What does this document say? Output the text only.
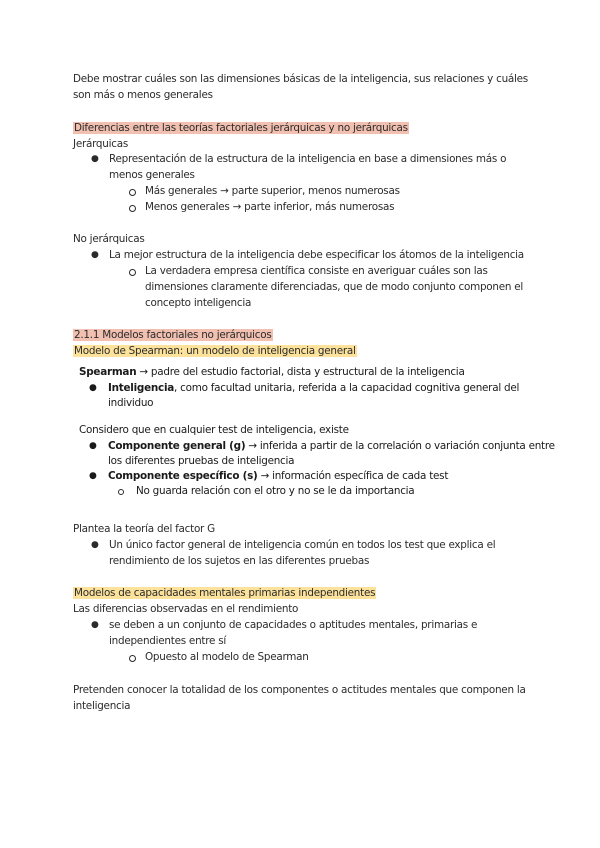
Debe mostrar cuáles son las dimensiones básicas de la inteligencia, sus relaciones y cuáles
son más o menos generales
Diferencias entre las teorías factoriales jerárquicas y no jerárquicas
Jerárquicas
● Representación de la estructura de la inteligencia en base a dimensiones más o
menos generales
Más generales → parte superior, menos numerosas
Menos generales → parte inferior, más numerosas
No jerárquicas
● La mejor estructura de la inteligencia debe especificar los átomos de la inteligencia
La verdadera empresa científica consiste en averiguar cuáles son las
dimensiones claramente diferenciadas, que de modo conjunto componen el
concepto inteligencia
2.1.1 Modelos factoriales no jerárquicos
Modelo de Spearman: un modelo de inteligencia general
Spearman → padre del estudio factorial, dista y estructural de la inteligencia
● Inteligencia, como facultad unitaria, referida a la capacidad cognitiva general del
individuo
Considero que en cualquier test de inteligencia, existe
● Componente general (g) → inferida a partir de la correlación o variación conjunta entre
los diferentes pruebas de inteligencia
● Componente específico (s) → información específica de cada test
No guarda relación con el otro y no se le da importancia
Plantea la teoría del factor G
● Un único factor general de inteligencia común en todos los test que explica el
rendimiento de los sujetos en las diferentes pruebas
Modelos de capacidades mentales primarias independientes
Las diferencias observadas en el rendimiento
● se deben a un conjunto de capacidades o aptitudes mentales, primarias e
independientes entre sí
Opuesto al modelo de Spearman
Pretenden conocer la totalidad de los componentes o actitudes mentales que componen la
inteligencia
